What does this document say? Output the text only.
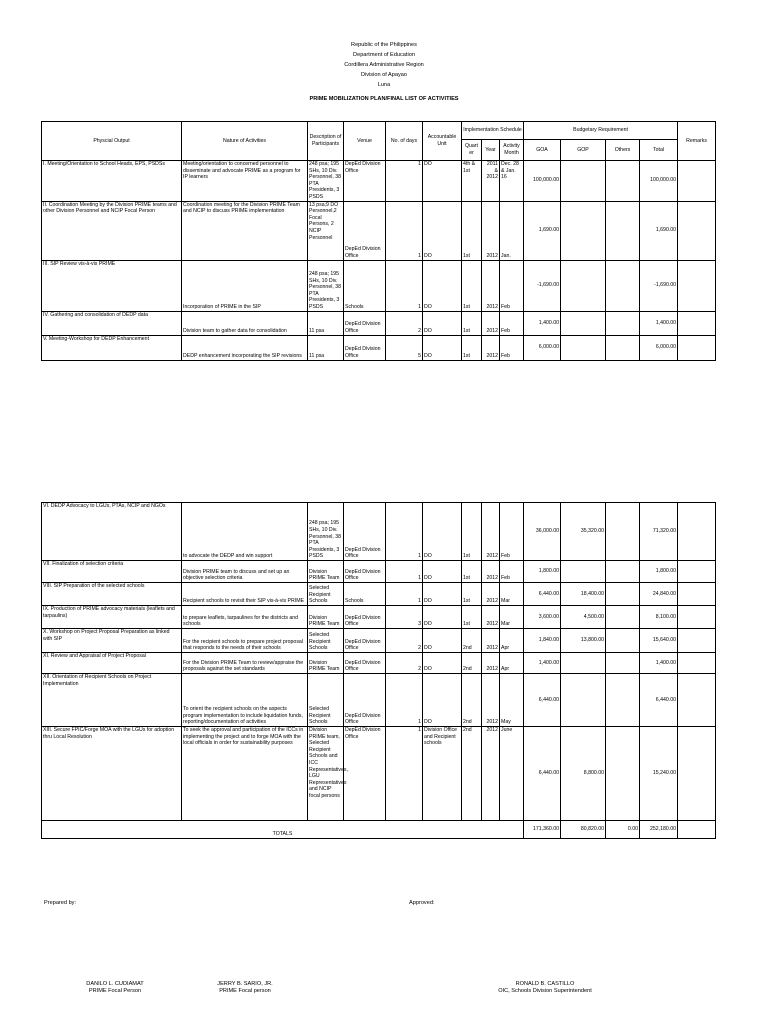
Republic of the Philippines
Department of Education
Cordillera Administrative Region
Division of Apayao
Luna
PRIME MOBILIZATION PLAN/FINAL LIST OF ACTIVITIES
Physcial Output	Nature of Activities	Description of Participants	Venue	No. of days	Accountable Unit	Implementation Schedule			Budgetary Requirement				Remarks
						Quart er	Year	Activity Month	GOA	GOP	Others	Total	
I. Meeting/Orientation to School Heads, EPS, PSDSs	Meeting/orientation to concerned personnel to disseminate and advocate PRIME as a program for IP learners	248 psa; 195 SHs, 10 Div. Personnel, 38 PTA Presidents, 3 PSDS	DepEd Division Office	1	DO	4th & 1st	2011 & 2012	Dec. 28 & Jan. 16	100,000.00			100,000.00	
II. Coordination Meeting by the Division PRIME teams and other Division Personnel and NCIP Focal Person	Coordination meeting for the Division PRIME Team and NCIP to discuss PRIME implementation	13 psa;9 DO Personnel,2 Focal Persons, 2 NCIP Personnel	DepEd Division Office	1	DO	1st	2012	Jan.	1,690.00			1,690.00	
III. SIP Review vis-à-vis PRIME	Incorporation of PRIME in the SIP	248 psa; 195 SHs, 10 Div. Personnel, 38 PTA Presidents, 3 PSDS	Schools	1	DO	1st	2012	Feb	-1,690.00			-1,690.00	
IV. Gathering and consolidation of DEDP data	Division team to gather data for consolidation	11 psa	DepEd Division Office	2	DO	1st	2012	Feb	1,400.00			1,400.00	
V. Meeting-Workshop for DEDP Enhancement	DEDP enhancement incorporating the SIP revisions	11 psa	DepEd Division Office	5	DO	1st	2012	Feb	6,000.00			6,000.00	
VI. DEDP Advocacy to LGUs, PTAs, NCIP and NGOs	to advocate the DEDP and win support	248 psa; 195 SHs, 10 Div. Personnel, 38 PTA Presidents, 3 PSDS	DepEd Division Office	1	DO	1st	2012	Feb	36,000.00	35,320.00		71,320.00	
VII. Finalization of selection criteria	Division PRIME team to discuss and set up an objective selection criteria	Division PRIME Team	DepEd Division Office	1	DO	1st	2012	Feb	1,800.00			1,800.00	
VIII. SIP Preparation of the selected schools	Recipient schools to revisit their SIP vis-à-vis PRIME	Selected Recipient Schools	Schools	1	DO	1st	2012	Mar	6,440.00	18,400.00		24,840.00	
IX. Production of PRIME advocacy materials (leaflets and tarpaulins)	to prepare leaflets, tarpaulines for the districts and schools	Division PRIME Team	DepEd Division Office	3	DO	1st	2012	Mar	3,600.00	4,500.00		8,100.00	
X. Workshop on Project Proposal Preparation as linked with SIP	For the recipient schools to prepare project proposal that responds to the needs of their schools	Selected Recipient Schools	DepEd Division Office	2	DO	2nd	2012	Apr	1,840.00	13,800.00		15,640.00	
XI. Review and Appraisal of Project Proposal	For the Division PRIME Team to review/appraise the proposals against the set standards	Division PRIME Team	DepEd Division Office	2	DO	2nd	2012	Apr	1,400.00			1,400.00	
XII. Orientation of Recipient Schools on Project Implementation	To orient the recipient schools on the aspects program implementation to include liquidation funds, reporting/documentation of activities	Selected Recipient Schools	DepEd Division Office	1	DO	2nd	2012	May	6,440.00			6,440.00	
XIII. Secure FPIC/Forge MOA with the LGUs for adoption thru Local Resolution	To seek the approval and participation of the ICCs in implementing the project and to forge MOA with the local officials in order for sustainability purposes	Division PRIME team, Selected Recipient Schools and ICC Representatives, LGU Representatives and NCIP focal persons	DepEd Division Office	1	Division Office and Recipient schools	2nd	2012	June	6,440.00	8,800.00		15,240.00	
TOTALS									171,360.00	80,820.00	0.00	252,180.00	
Prepared by:	Approved:
DANILO L. CUDIAMAT
PRIME Focal Person
JERRY B. SARIO, JR.
PRIME Focal person
RONALD B. CASTILLO
OIC, Schools Division Superintendent
